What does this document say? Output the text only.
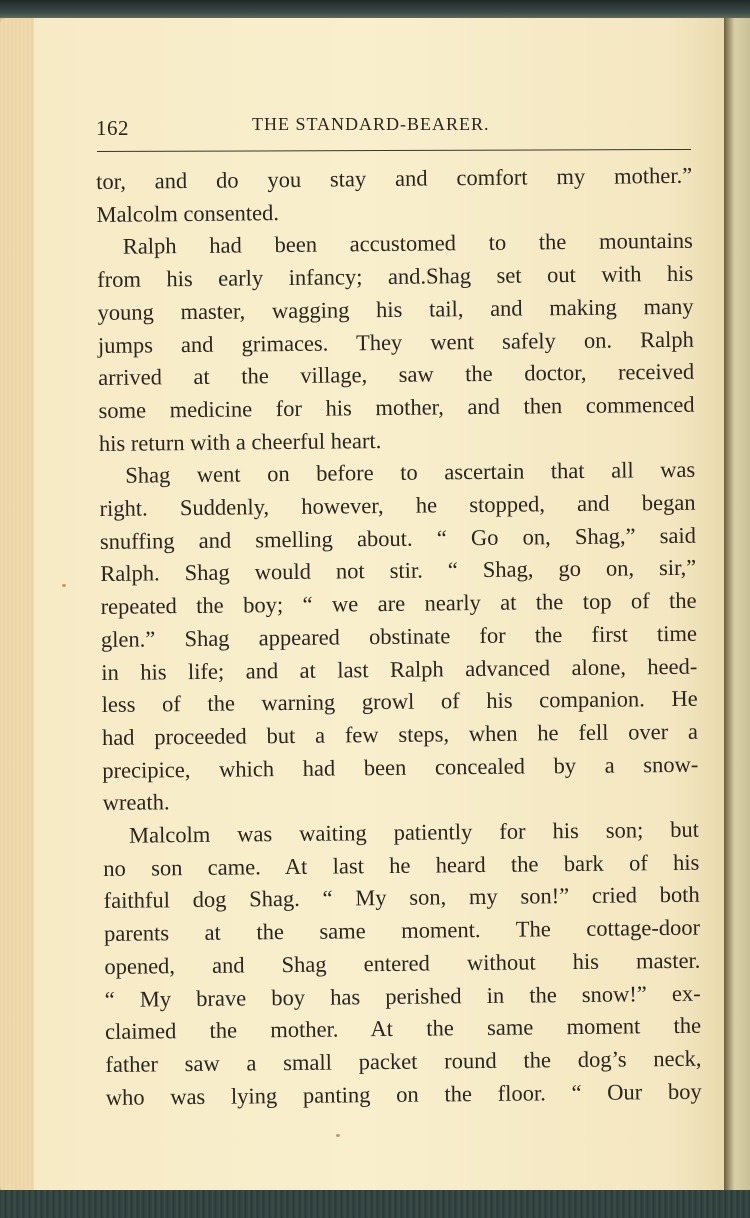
162	THE STANDARD-BEARER.
tor, and do you stay and comfort my mother.”
Malcolm consented.
Ralph had been accustomed to the mountains
from his early infancy; and.Shag set out with his
young master, wagging his tail, and making many
jumps and grimaces. They went safely on. Ralph
arrived at the village, saw the doctor, received
some medicine for his mother, and then commenced
his return with a cheerful heart.
Shag went on before to ascertain that all was
right. Suddenly, however, he stopped, and began
snuffing and smelling about. “ Go on, Shag,” said
Ralph. Shag would not stir. “ Shag, go on, sir,”
repeated the boy; “ we are nearly at the top of the
glen.” Shag appeared obstinate for the first time
in his life; and at last Ralph advanced alone, heed-
less of the warning growl of his companion. He
had proceeded but a few steps, when he fell over a
precipice, which had been concealed by a snow-
wreath.
Malcolm was waiting patiently for his son; but
no son came. At last he heard the bark of his
faithful dog Shag. “ My son, my son!” cried both
parents at the same moment. The cottage-door
opened, and Shag entered without his master.
“ My brave boy has perished in the snow!” ex-
claimed the mother. At the same moment the
father saw a small packet round the dog’s neck,
who was lying panting on the floor. “ Our boy
